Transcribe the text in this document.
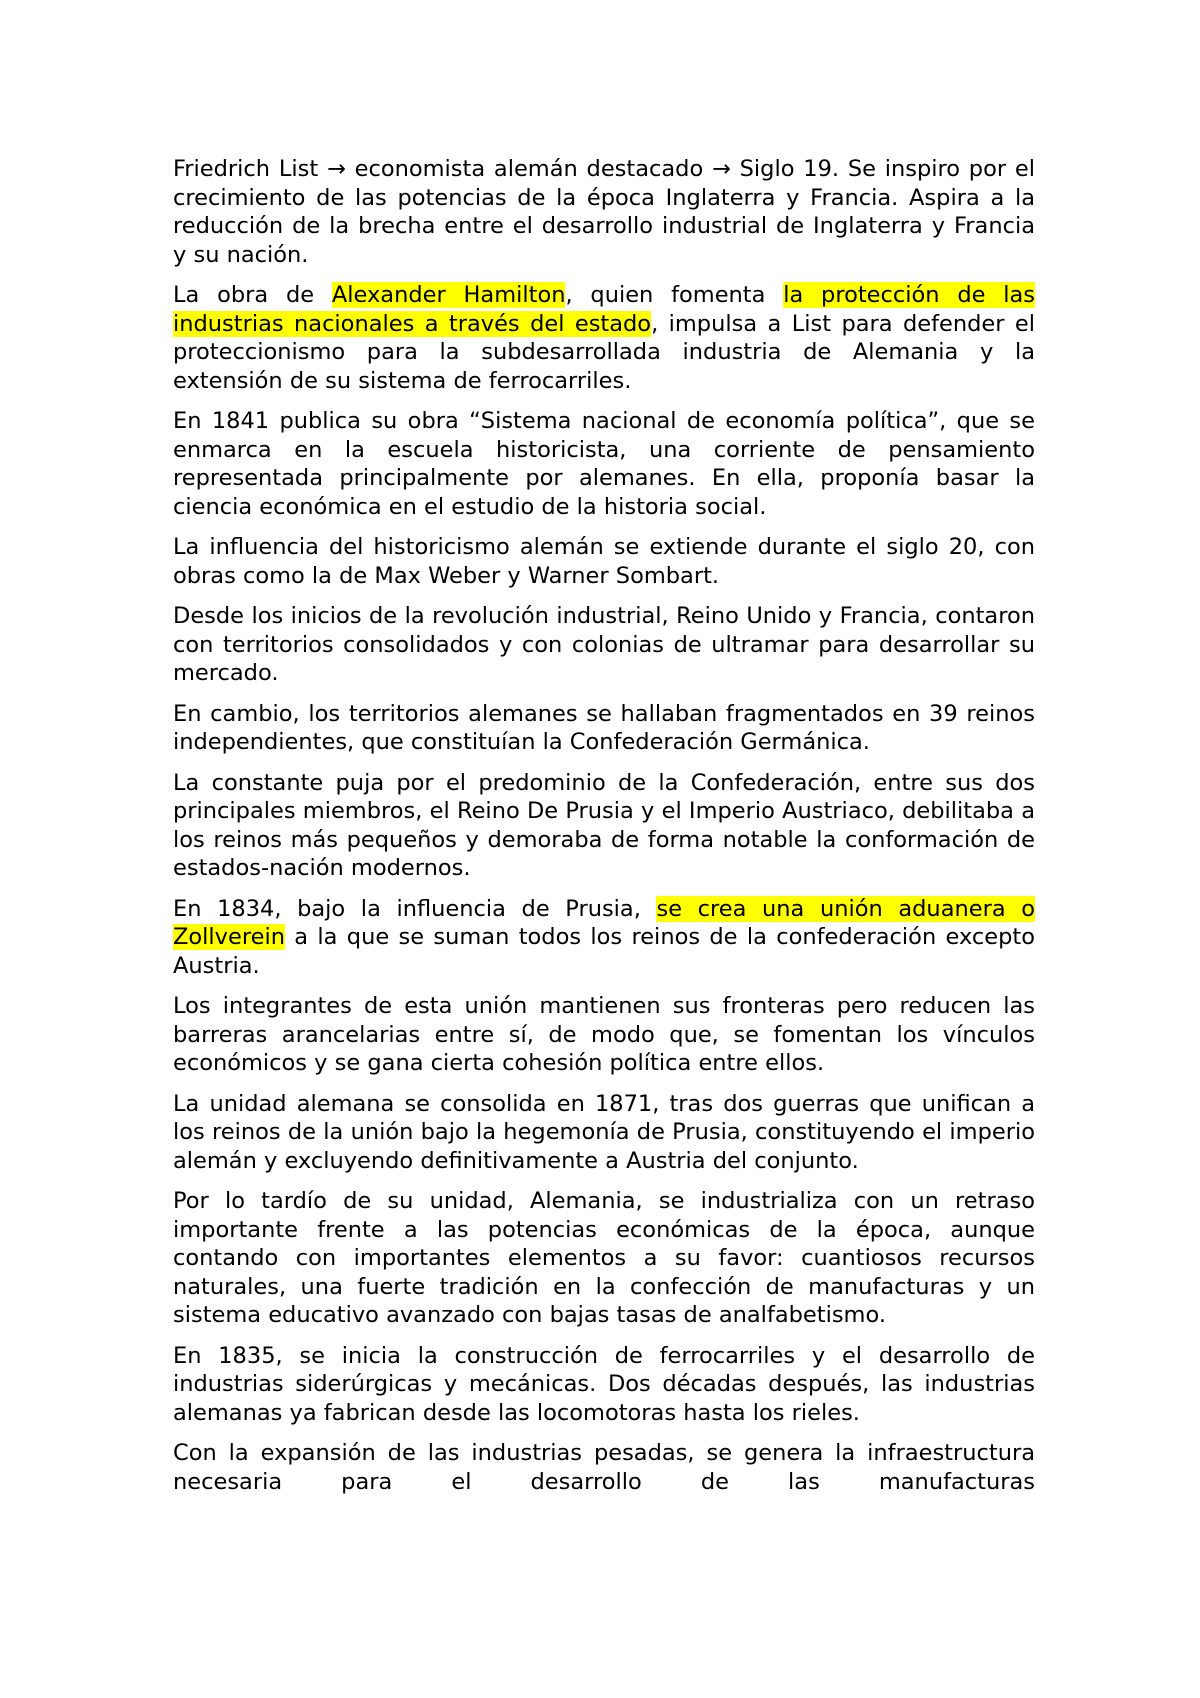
Friedrich List → economista alemán destacado → Siglo 19. Se inspiro por el crecimiento de las potencias de la época Inglaterra y Francia. Aspira a la reducción de la brecha entre el desarrollo industrial de Inglaterra y Francia y su nación.

La obra de Alexander Hamilton, quien fomenta la protección de las industrias nacionales a través del estado, impulsa a List para defender el proteccionismo para la subdesarrollada industria de Alemania y la extensión de su sistema de ferrocarriles.

En 1841 publica su obra “Sistema nacional de economía política”, que se enmarca en la escuela historicista, una corriente de pensamiento representada principalmente por alemanes. En ella, proponía basar la ciencia económica en el estudio de la historia social.

La influencia del historicismo alemán se extiende durante el siglo 20, con obras como la de Max Weber y Warner Sombart.

Desde los inicios de la revolución industrial, Reino Unido y Francia, contaron con territorios consolidados y con colonias de ultramar para desarrollar su mercado.

En cambio, los territorios alemanes se hallaban fragmentados en 39 reinos independientes, que constituían la Confederación Germánica.

La constante puja por el predominio de la Confederación, entre sus dos principales miembros, el Reino De Prusia y el Imperio Austriaco, debilitaba a los reinos más pequeños y demoraba de forma notable la conformación de estados-nación modernos.

En 1834, bajo la influencia de Prusia, se crea una unión aduanera o Zollverein a la que se suman todos los reinos de la confederación excepto Austria.

Los integrantes de esta unión mantienen sus fronteras pero reducen las barreras arancelarias entre sí, de modo que, se fomentan los vínculos económicos y se gana cierta cohesión política entre ellos.

La unidad alemana se consolida en 1871, tras dos guerras que unifican a los reinos de la unión bajo la hegemonía de Prusia, constituyendo el imperio alemán y excluyendo definitivamente a Austria del conjunto.

Por lo tardío de su unidad, Alemania, se industrializa con un retraso importante frente a las potencias económicas de la época, aunque contando con importantes elementos a su favor: cuantiosos recursos naturales, una fuerte tradición en la confección de manufacturas y un sistema educativo avanzado con bajas tasas de analfabetismo.

En 1835, se inicia la construcción de ferrocarriles y el desarrollo de industrias siderúrgicas y mecánicas. Dos décadas después, las industrias alemanas ya fabrican desde las locomotoras hasta los rieles.

Con la expansión de las industrias pesadas, se genera la infraestructura necesaria para el desarrollo de las manufacturas
